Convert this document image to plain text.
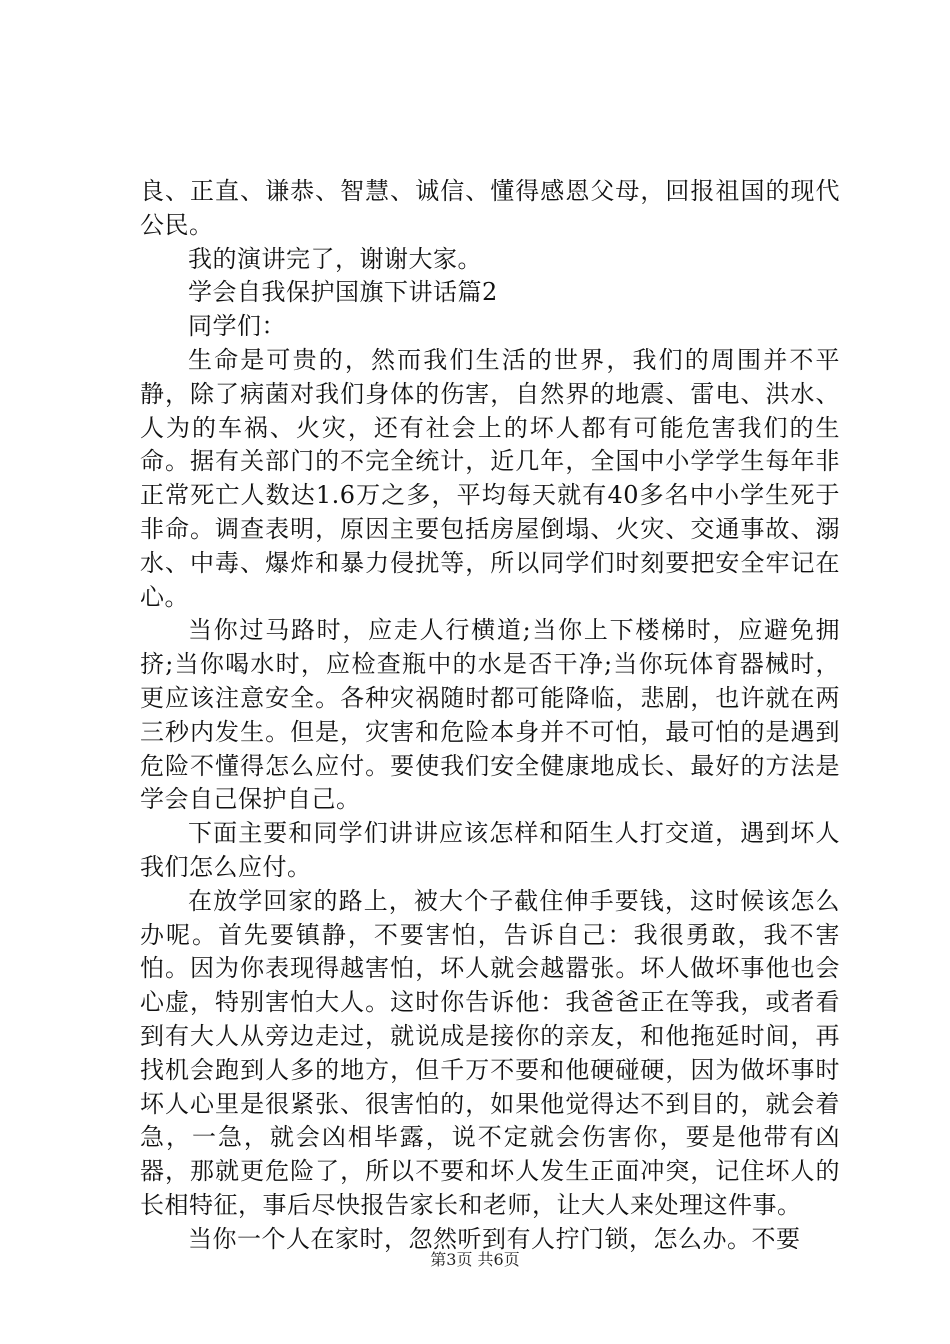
良、正直、谦恭、智慧、诚信、懂得感恩父母，回报祖国的现代公民。

我的演讲完了，谢谢大家。

学会自我保护国旗下讲话篇2

同学们：

生命是可贵的，然而我们生活的世界，我们的周围并不平静，除了病菌对我们身体的伤害，自然界的地震、雷电、洪水、人为的车祸、火灾，还有社会上的坏人都有可能危害我们的生命。据有关部门的不完全统计，近几年，全国中小学学生每年非正常死亡人数达1.6万之多，平均每天就有40多名中小学生死于非命。调查表明，原因主要包括房屋倒塌、火灾、交通事故、溺水、中毒、爆炸和暴力侵扰等，所以同学们时刻要把安全牢记在心。

当你过马路时，应走人行横道;当你上下楼梯时，应避免拥挤;当你喝水时，应检查瓶中的水是否干净;当你玩体育器械时，更应该注意安全。各种灾祸随时都可能降临，悲剧，也许就在两三秒内发生。但是，灾害和危险本身并不可怕，最可怕的是遇到危险不懂得怎么应付。要使我们安全健康地成长、最好的方法是学会自己保护自己。

下面主要和同学们讲讲应该怎样和陌生人打交道，遇到坏人我们怎么应付。

在放学回家的路上，被大个子截住伸手要钱，这时候该怎么办呢。首先要镇静，不要害怕，告诉自己：我很勇敢，我不害怕。因为你表现得越害怕，坏人就会越嚣张。坏人做坏事他也会心虚，特别害怕大人。这时你告诉他：我爸爸正在等我，或者看到有大人从旁边走过，就说成是接你的亲友，和他拖延时间，再找机会跑到人多的地方，但千万不要和他硬碰硬，因为做坏事时坏人心里是很紧张、很害怕的，如果他觉得达不到目的，就会着急，一急，就会凶相毕露，说不定就会伤害你，要是他带有凶器，那就更危险了，所以不要和坏人发生正面冲突，记住坏人的长相特征，事后尽快报告家长和老师，让大人来处理这件事。

当你一个人在家时，忽然听到有人拧门锁，怎么办。不要

第3页 共6页
